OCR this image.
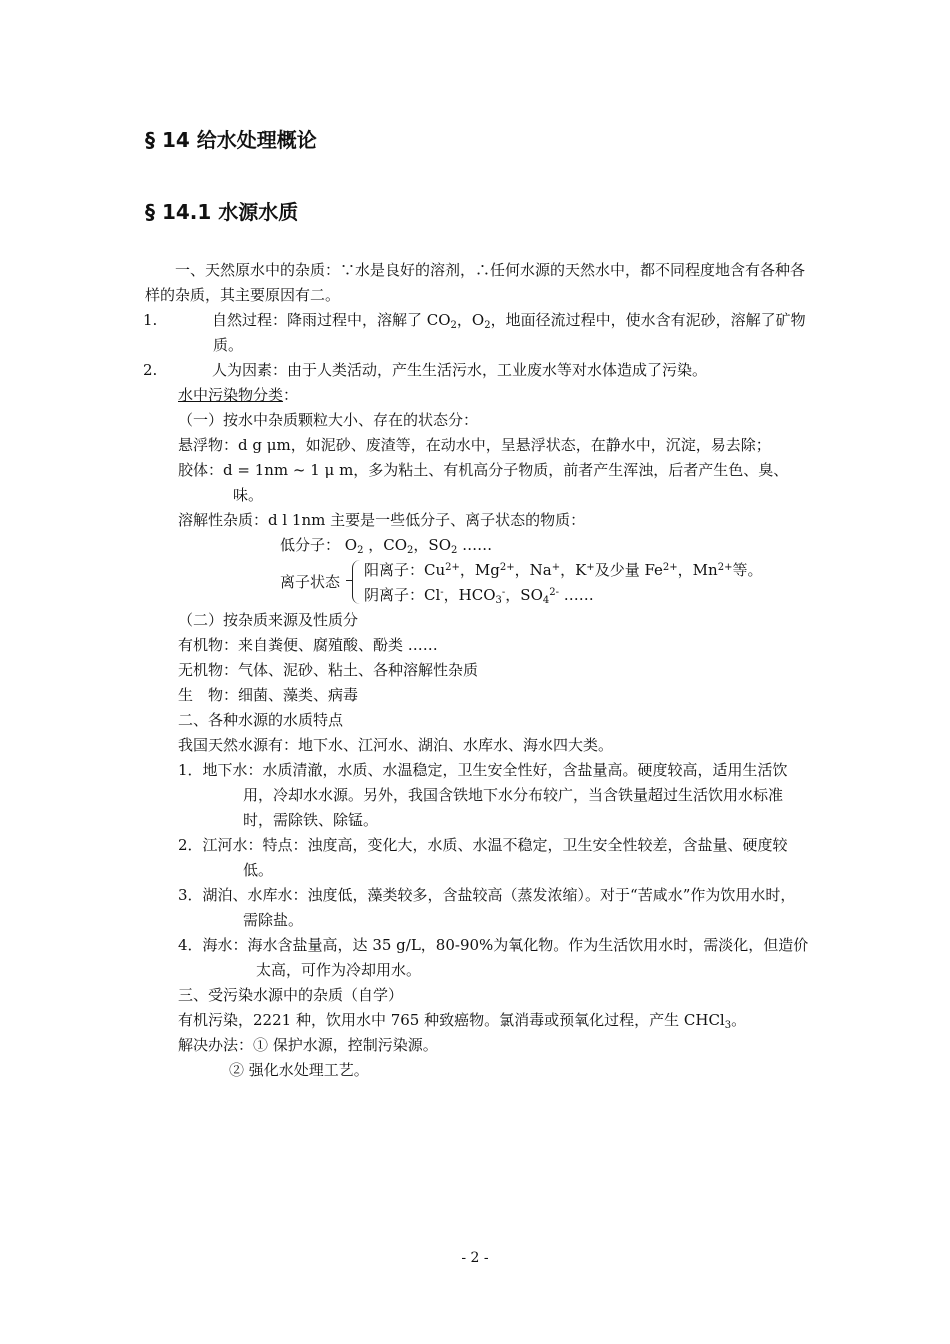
§ 14 给水处理概论
§ 14.1 水源水质

一、天然原水中的杂质：∵水是良好的溶剂，∴任何水源的天然水中，都不同程度地含有各种各样的杂质，其主要原因有二。

1.	自然过程：降雨过程中，溶解了 $CO_2$，$O_2$，地面径流过程中，使水含有泥砂，溶解了矿物质。

2.	人为因素：由于人类活动，产生生活污水，工业废水等对水体造成了污染。

水中污染物分类：

（一）按水中杂质颗粒大小、存在的状态分：

悬浮物：d g μm，如泥砂、废渣等，在动水中，呈悬浮状态，在静水中，沉淀，易去除；

胶体：d = 1nm ~ 1 μ m，多为粘土、有机高分子物质，前者产生浑浊，后者产生色、臭、味。

溶解性杂质：d l 1nm 主要是一些低分子、离子状态的物质：

低分子： $O_2$ ，$CO_2$，$SO_2$ ……

离子状态
阳离子：$Cu^{2+}$，$Mg^{2+}$，Na+，K+及少量 $Fe^{2+}$，$Mn^{2+}$等。
阴离子：Cl-，$HCO_3^-$，$SO_4^{2-}$ ……

（二）按杂质来源及性质分

有机物：来自粪便、腐殖酸、酚类 ……

无机物：气体、泥砂、粘土、各种溶解性杂质

生　物：细菌、藻类、病毒

二、各种水源的水质特点

我国天然水源有：地下水、江河水、湖泊、水库水、海水四大类。

1．地下水：水质清澈，水质、水温稳定，卫生安全性好，含盐量高。硬度较高，适用生活饮用，冷却水水源。另外，我国含铁地下水分布较广，当含铁量超过生活饮用水标准时，需除铁、除锰。

2．江河水：特点：浊度高，变化大，水质、水温不稳定，卫生安全性较差，含盐量、硬度较低。

3．湖泊、水库水：浊度低，藻类较多，含盐较高（蒸发浓缩）。对于“苦咸水”作为饮用水时，需除盐。

4．海水：海水含盐量高，达 35 g/L，80-90%为氧化物。作为生活饮用水时，需淡化，但造价太高，可作为冷却用水。

三、受污染水源中的杂质（自学）

有机污染，2221 种，饮用水中 765 种致癌物。氯消毒或预氧化过程，产生 CHCl$_3$。

解决办法：① 保护水源，控制污染源。

② 强化水处理工艺。

- 2 -
